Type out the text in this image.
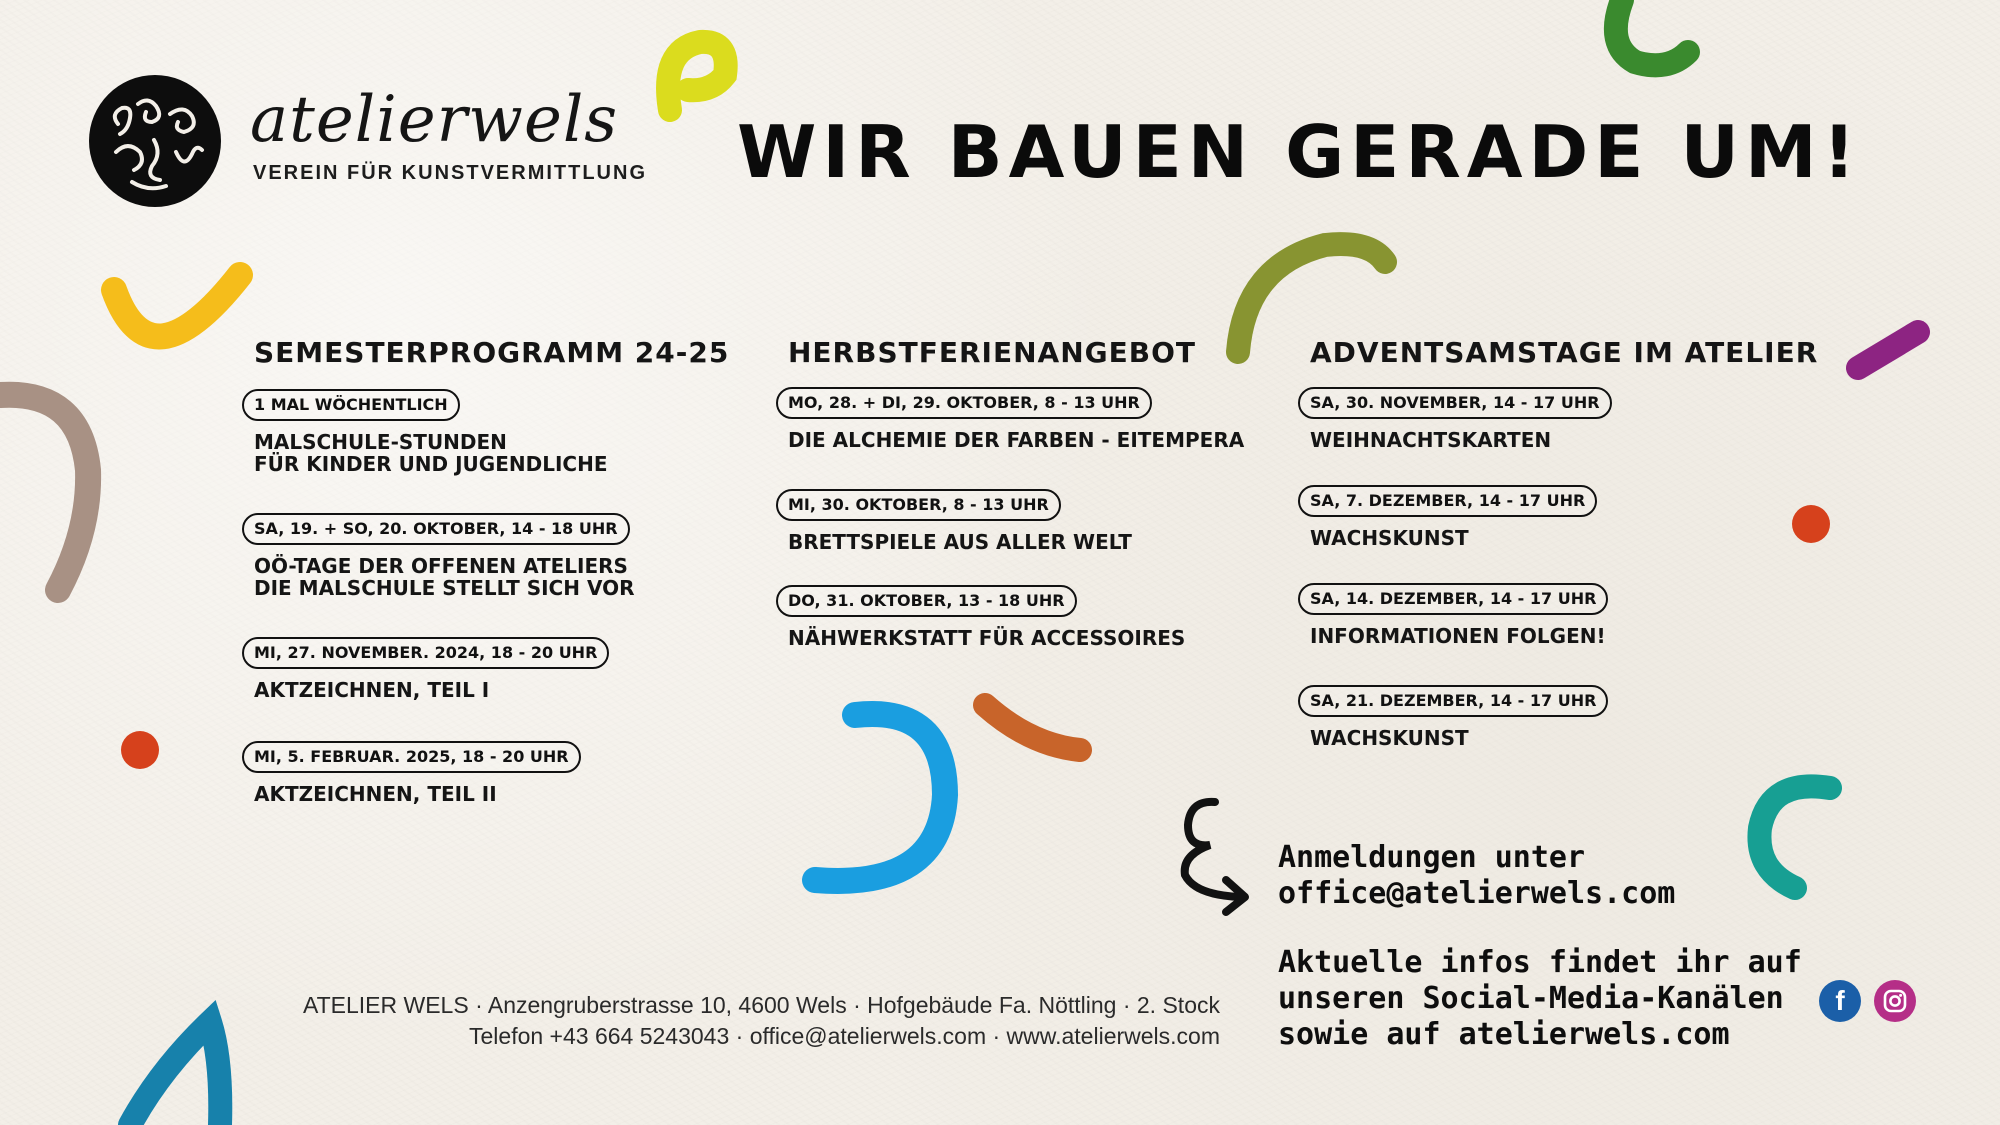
atelierwels
VEREIN FÜR KUNSTVERMITTLUNG WIR BAUEN GERADE UM!
SEMESTERPROGRAMM 24-25
1 MAL WÖCHENTLICH
MALSCHULE-STUNDEN
FÜR KINDER UND JUGENDLICHE
SA, 19. + SO, 20. OKTOBER, 14 - 18 UHR
OÖ-TAGE DER OFFENEN ATELIERS
DIE MALSCHULE STELLT SICH VOR
MI, 27. NOVEMBER. 2024, 18 - 20 UHR
AKTZEICHNEN, TEIL I
MI, 5. FEBRUAR. 2025, 18 - 20 UHR
AKTZEICHNEN, TEIL II
HERBSTFERIENANGEBOT
MO, 28. + DI, 29. OKTOBER, 8 - 13 UHR
DIE ALCHEMIE DER FARBEN - EITEMPERA
MI, 30. OKTOBER, 8 - 13 UHR
BRETTSPIELE AUS ALLER WELT
DO, 31. OKTOBER, 13 - 18 UHR
NÄHWERKSTATT FÜR ACCESSOIRES
ADVENTSAMSTAGE IM ATELIER
SA, 30. NOVEMBER, 14 - 17 UHR
WEIHNACHTSKARTEN
SA, 7. DEZEMBER, 14 - 17 UHR
WACHSKUNST
SA, 14. DEZEMBER, 14 - 17 UHR
INFORMATIONEN FOLGEN!
SA, 21. DEZEMBER, 14 - 17 UHR
WACHSKUNST
Anmeldungen unter
office@atelierwels.com
Aktuelle infos findet ihr auf
unseren Social-Media-Kanälen
sowie auf atelierwels.com
f
ATELIER WELS · Anzengruberstrasse 10, 4600 Wels · Hofgebäude Fa. Nöttling · 2. Stock
Telefon +43 664 5243043 · office@atelierwels.com · www.atelierwels.com
